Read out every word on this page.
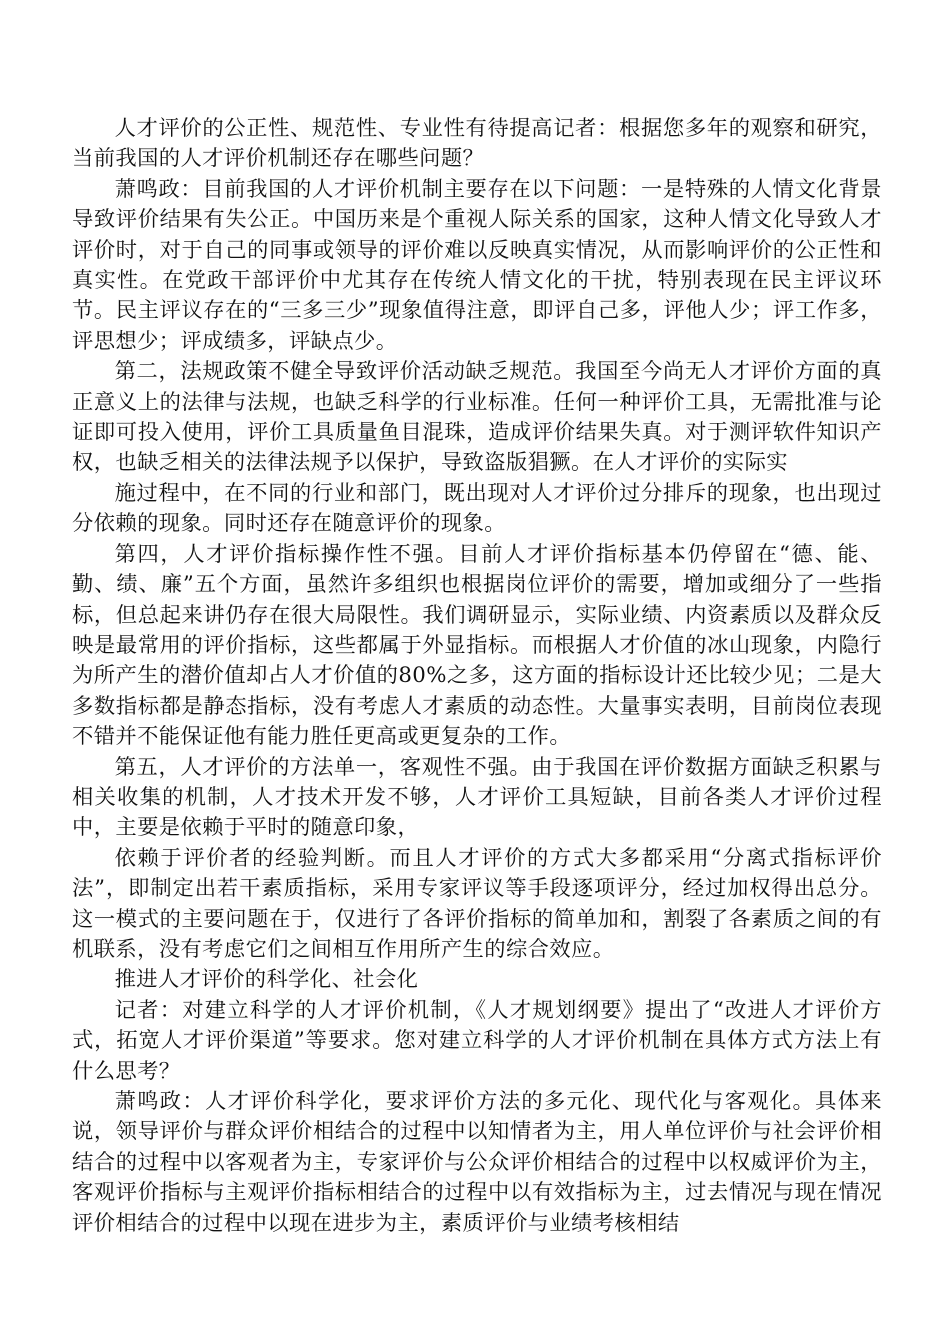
人才评价的公正性、规范性、专业性有待提高记者：根据您多年的观察和研究，当前我国的人才评价机制还存在哪些问题？

萧鸣政：目前我国的人才评价机制主要存在以下问题：一是特殊的人情文化背景导致评价结果有失公正。中国历来是个重视人际关系的国家，这种人情文化导致人才评价时，对于自己的同事或领导的评价难以反映真实情况，从而影响评价的公正性和真实性。在党政干部评价中尤其存在传统人情文化的干扰，特别表现在民主评议环节。民主评议存在的“三多三少”现象值得注意，即评自己多，评他人少；评工作多，评思想少；评成绩多，评缺点少。

第二，法规政策不健全导致评价活动缺乏规范。我国至今尚无人才评价方面的真正意义上的法律与法规，也缺乏科学的行业标准。任何一种评价工具，无需批准与论证即可投入使用，评价工具质量鱼目混珠，造成评价结果失真。对于测评软件知识产权，也缺乏相关的法律法规予以保护，导致盗版猖獗。在人才评价的实际实

施过程中，在不同的行业和部门，既出现对人才评价过分排斥的现象，也出现过分依赖的现象。同时还存在随意评价的现象。

第四，人才评价指标操作性不强。目前人才评价指标基本仍停留在“德、能、勤、绩、廉”五个方面，虽然许多组织也根据岗位评价的需要，增加或细分了一些指标，但总起来讲仍存在很大局限性。我们调研显示，实际业绩、内资素质以及群众反映是最常用的评价指标，这些都属于外显指标。而根据人才价值的冰山现象，内隐行为所产生的潜价值却占人才价值的80%之多，这方面的指标设计还比较少见；二是大多数指标都是静态指标，没有考虑人才素质的动态性。大量事实表明，目前岗位表现不错并不能保证他有能力胜任更高或更复杂的工作。

第五，人才评价的方法单一，客观性不强。由于我国在评价数据方面缺乏积累与相关收集的机制，人才技术开发不够，人才评价工具短缺，目前各类人才评价过程中，主要是依赖于平时的随意印象，

依赖于评价者的经验判断。而且人才评价的方式大多都采用“分离式指标评价法”，即制定出若干素质指标，采用专家评议等手段逐项评分，经过加权得出总分。这一模式的主要问题在于，仅进行了各评价指标的简单加和，割裂了各素质之间的有机联系，没有考虑它们之间相互作用所产生的综合效应。

推进人才评价的科学化、社会化

记者：对建立科学的人才评价机制，《人才规划纲要》提出了“改进人才评价方式，拓宽人才评价渠道”等要求。您对建立科学的人才评价机制在具体方式方法上有什么思考？

萧鸣政：人才评价科学化，要求评价方法的多元化、现代化与客观化。具体来说，领导评价与群众评价相结合的过程中以知情者为主，用人单位评价与社会评价相结合的过程中以客观者为主，专家评价与公众评价相结合的过程中以权威评价为主，客观评价指标与主观评价指标相结合的过程中以有效指标为主，过去情况与现在情况评价相结合的过程中以现在进步为主，素质评价与业绩考核相结
